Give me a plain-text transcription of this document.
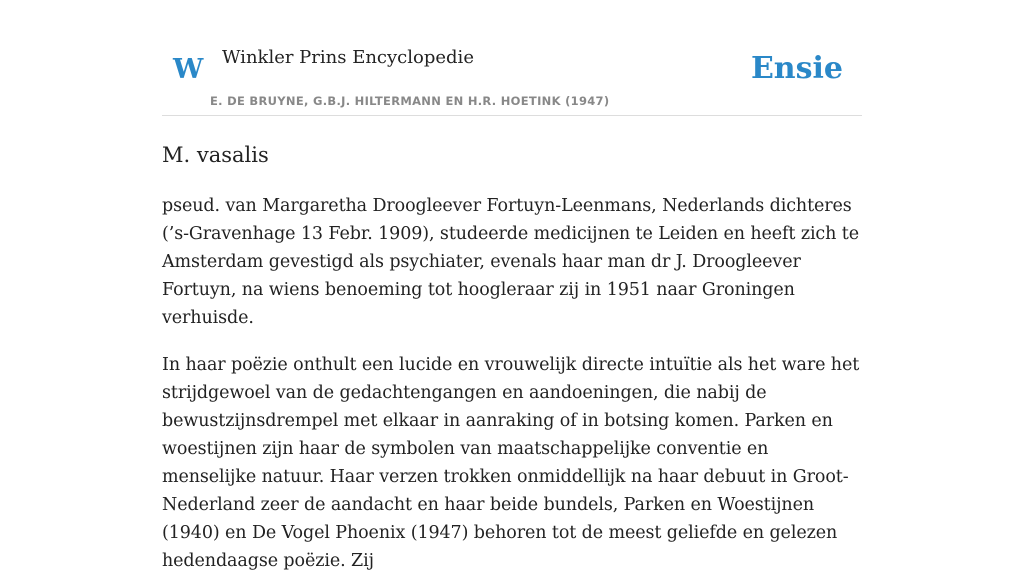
W Winkler Prins Encyclopedie
E. DE BRUYNE, G.B.J. HILTERMANN EN H.R. HOETINK (1947)
Ensie
M. vasalis

pseud. van Margaretha Droogleever Fortuyn-Leenmans, Nederlands dichteres (’s-Gravenhage 13 Febr. 1909), studeerde medicijnen te Leiden en heeft zich te Amsterdam gevestigd als psychiater, evenals haar man dr J. Droogleever Fortuyn, na wiens benoeming tot hoogleraar zij in 1951 naar Groningen verhuisde.

In haar poëzie onthult een lucide en vrouwelijk directe intuïtie als het ware het strijdgewoel van de gedachtengangen en aandoeningen, die nabij de bewustzijnsdrempel met elkaar in aanraking of in botsing komen. Parken en woestijnen zijn haar de symbolen van maatschappelijke conventie en menselijke natuur. Haar verzen trokken onmiddellijk na haar debuut in Groot-Nederland zeer de aandacht en haar beide bundels, Parken en Woestijnen (1940) en De Vogel Phoenix (1947) behoren tot de meest geliefde en gelezen hedendaagse poëzie. Zij
